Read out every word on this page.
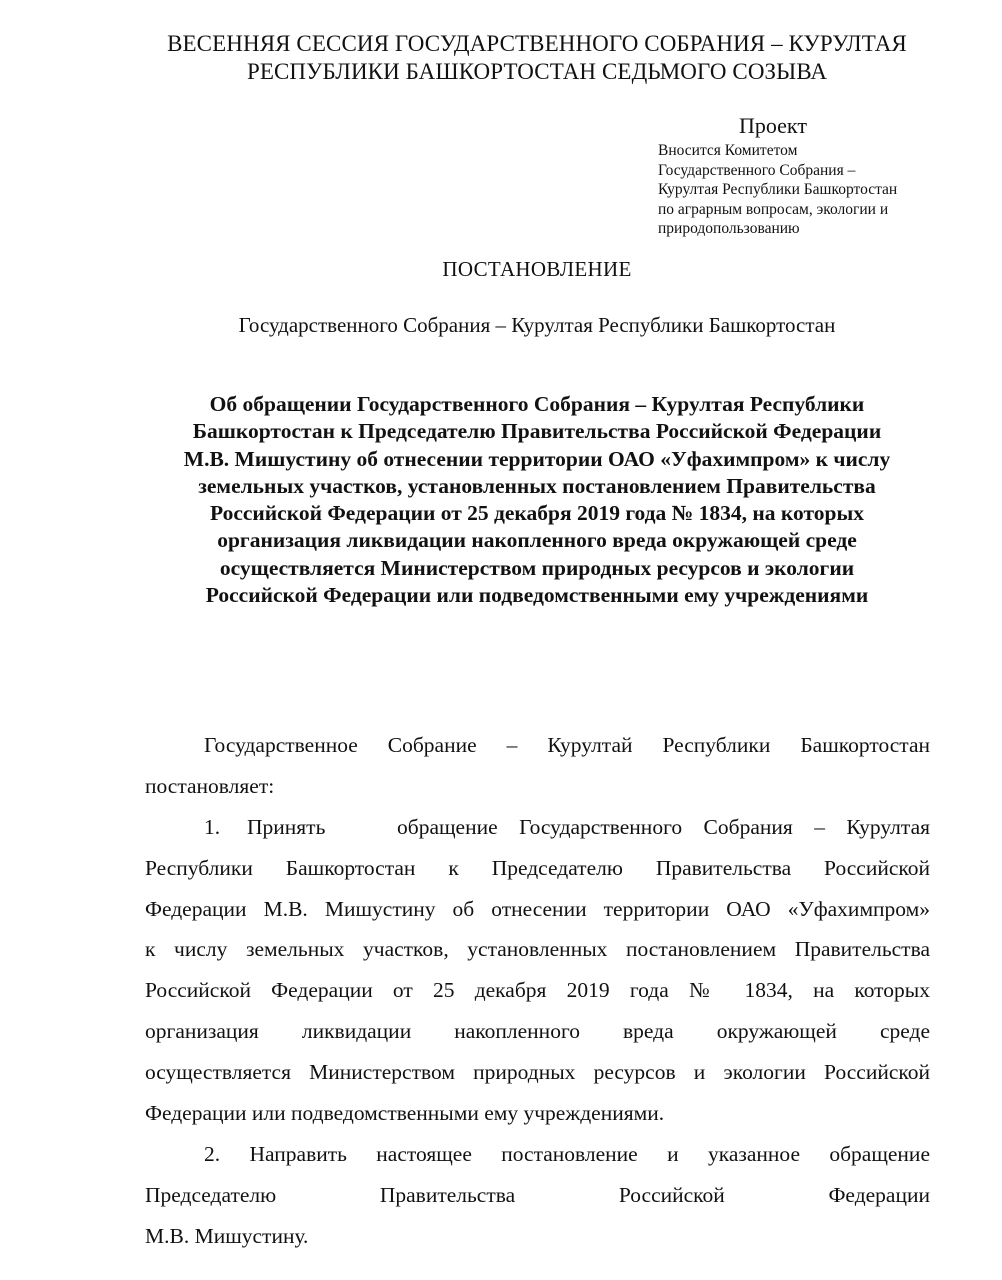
ВЕСЕННЯЯ СЕССИЯ ГОСУДАРСТВЕННОГО СОБРАНИЯ – КУРУЛТАЯ
РЕСПУБЛИКИ БАШКОРТОСТАН СЕДЬМОГО СОЗЫВА
Проект
Вносится Комитетом
Государственного Собрания –
Курултая Республики Башкортостан
по аграрным вопросам, экологии и
природопользованию
ПОСТАНОВЛЕНИЕ
Государственного Собрания – Курултая Республики Башкортостан
Об обращении Государственного Собрания – Курултая Республики
Башкортостан к Председателю Правительства Российской Федерации
М.В. Мишустину об отнесении территории ОАО «Уфахимпром» к числу
земельных участков, установленных постановлением Правительства
Российской Федерации от 25 декабря 2019 года № 1834, на которых
организация ликвидации накопленного вреда окружающей среде
осуществляется Министерством природных ресурсов и экологии
Российской Федерации или подведомственными ему учреждениями
Государственное Собрание – Курултай Республики Башкортостан
постановляет:
1.	Принять	обращение Государственного Собрания – Курултая
Республики Башкортостан к Председателю Правительства Российской
Федерации М.В. Мишустину об отнесении территории ОАО «Уфахимпром»
к числу земельных участков, установленных постановлением Правительства
Российской Федерации от 25 декабря 2019 года № 1834, на которых
организация ликвидации накопленного вреда окружающей среде
осуществляется Министерством природных ресурсов и экологии Российской
Федерации или подведомственными ему учреждениями.
2. Направить настоящее постановление и указанное обращение
Председателю Правительства Российской Федерации
М.В. Мишустину.
